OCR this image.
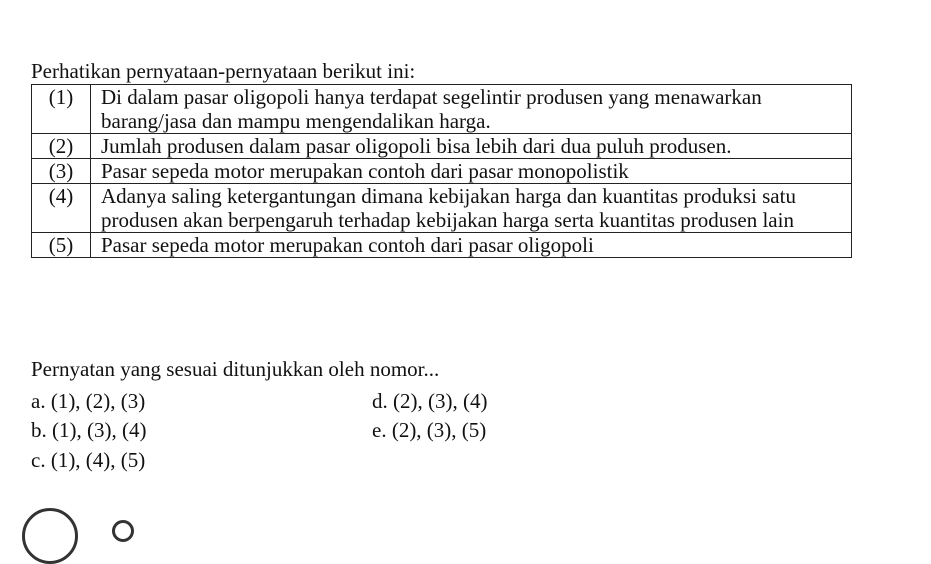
Perhatikan pernyataan-pernyataan berikut ini:
(1)	Di dalam pasar oligopoli hanya terdapat segelintir produsen yang menawarkan barang/jasa dan mampu mengendalikan harga.
(2)	Jumlah produsen dalam pasar oligopoli bisa lebih dari dua puluh produsen.
(3)	Pasar sepeda motor merupakan contoh dari pasar monopolistik
(4)	Adanya saling ketergantungan dimana kebijakan harga dan kuantitas produksi satu produsen akan berpengaruh terhadap kebijakan harga serta kuantitas produsen lain
(5)	Pasar sepeda motor merupakan contoh dari pasar oligopoli
Pernyatan yang sesuai ditunjukkan oleh nomor...
a. (1), (2), (3)
b. (1), (3), (4)
c. (1), (4), (5)
d. (2), (3), (4)
e. (2), (3), (5)
